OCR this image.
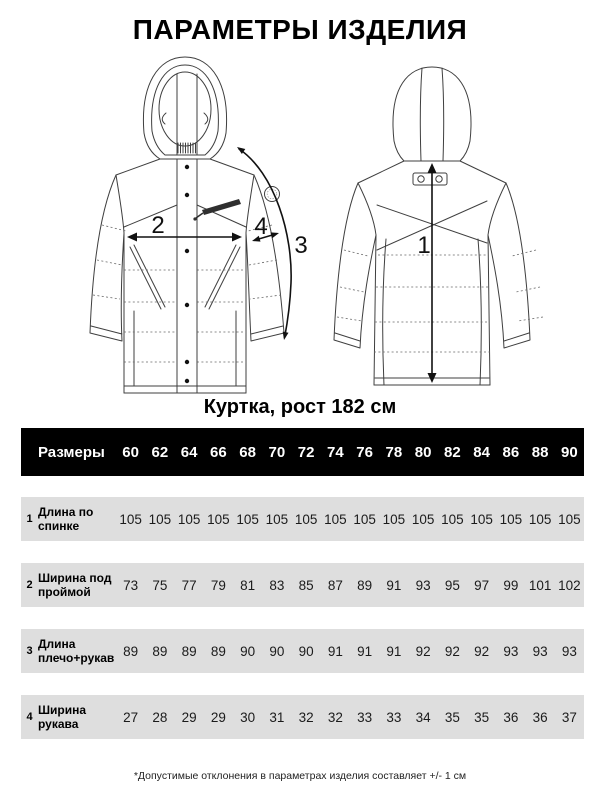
ПАРАМЕТРЫ ИЗДЕЛИЯ
2	4
3	1
Куртка, рост 182 см
Размеры	60 62 64 66 68 70 72 74 76 78 80 82 84 86 88 90
1
Длина по спинке	105 105 105 105 105 105 105 105 105 105 105 105 105 105 105 105
2
Ширина под проймой	73	75	77	79	81	83	85	87	89	91	93	95	97	99 101 102
3
Длина плечо+рукав 89	89	89	89	90	90	90	91	91	91	92	92	92	93	93	93
4
Ширина рукава	27	28	29	29	30	31	32	32	33	33	34	35	35	36	36	37

*Допустимые отклонения в параметрах изделия составляет +/- 1 см
